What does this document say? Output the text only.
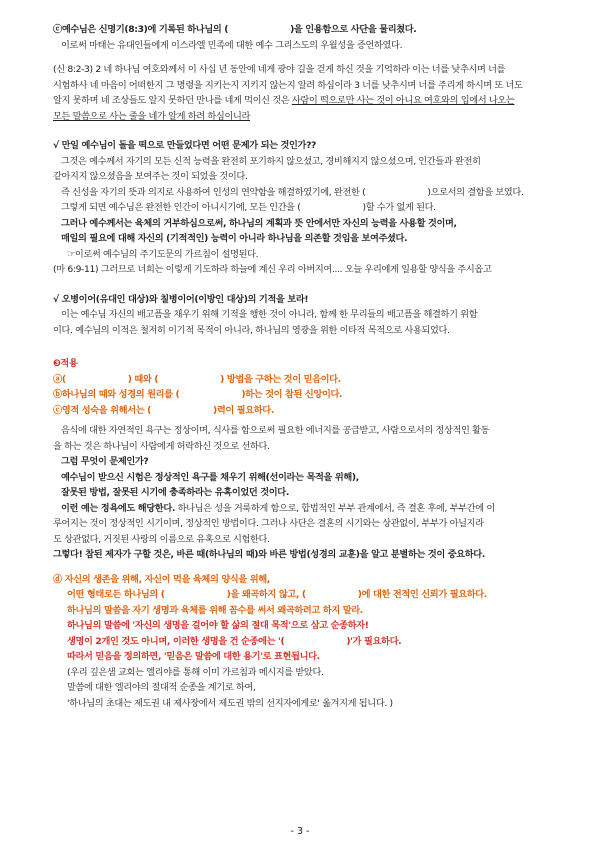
ⓒ예수님은 신명기(8:3)에 기록된 하나님의 (	)을 인용함으로 사단을 물리쳤다.
이로써 마태는 유대인들에게 이스라엘 민족에 대한 예수 그리스도의 우월성을 증언하였다.
(신 8:2-3) 2 네 하나님 여호와께서 이 사십 년 동안에 네게 광야 길을 걷게 하신 것을 기억하라 이는 너를 낮추시며 너를
시험하사 네 마음이 어떠한지 그 명령을 지키는지 지키지 않는지 알려 하심이라 3 너를 낮추시며 너를 주리게 하시며 또 너도
알지 못하며 네 조상들도 알지 못하던 만나를 네게 먹이신 것은 사람이 떡으로만 사는 것이 아니요 여호와의 입에서 나오는
모든 말씀으로 사는 줄을 네가 알게 하려 하심이니라
√ 만일 예수님이 돌을 떡으로 만들었다면 어떤 문제가 되는 것인가??
그것은 예수께서 자기의 모든 신적 능력을 완전히 포기하지 않으셨고, 경비해지지 않으셨으며, 인간들과 완전히
같아지지 않으셨음을 보여주는 것이 되었을 것이다.
즉 신성을 자기의 뜻과 의지로 사용하여 인성의 연약함을 해결하였기에, 완전한 (	)으로서의 결함을 보였다.
그렇게 되면 예수님은 완전한 인간이 아니시기에, 모든 인간을 (	)할 수가 없게 된다.
그러나 예수께서는 육체의 거부하심으로써, 하나님의 계획과 뜻 안에서만 자신의 능력을 사용할 것이며,
매일의 필요에 대해 자신의 (기적적인) 능력이 아니라 하나님을 의존할 것임을 보여주셨다.
☞이로써 예수님의 주기도문의 가르침이 설명된다.
(마 6:9-11) 그러므로 너희는 이렇게 기도하라 하늘에 계신 우리 아버지여.... 오늘 우리에게 일용할 양식을 주시옵고
√ 오병이어(유대인 대상)와 칠병이어(이방인 대상)의 기적을 보라!
이는 예수님 자신의 배고픔을 채우기 위해 기적을 행한 것이 아니라, 함께 한 무리들의 배고픔을 해결하기 위함
이다. 예수님의 이적은 철저히 이기적 목적이 아니라, 하나님의 영광을 위한 이타적 목적으로 사용되었다.
❸적용
ⓐ(	) 때와 (	) 방법을 구하는 것이 믿음이다.
ⓑ하나님의 때와 성경의 원리를 (	)하는 것이 참된 신앙이다.
ⓒ영적 성숙을 위해서는 (	)력이 필요하다.
음식에 대한 자연적인 욕구는 정상이며, 식사를 함으로써 필요한 에너지를 공급받고, 사람으로서의 정상적인 활동
을 하는 것은 하나님이 사람에게 허락하신 것으로 선하다.
그럼 무엇이 문제인가?
예수님이 받으신 시험은 정상적인 욕구를 채우기 위해(선이라는 목적을 위해),
잘못된 방법, 잘못된 시기에 충족하라는 유혹이었던 것이다.
이런 예는 정욕에도 해당한다. 하나님은 성을 거룩하게 함으로, 합법적인 부부 관계에서, 즉 결혼 후에, 부부간에 이
루어지는 것이 정상적인 시기이며, 정상적인 방법이다. 그러나 사단은 결혼의 시기와는 상관없이, 부부가 아닐지라
도 상관없다, 거짓된 사랑의 이름으로 유혹으로 시험한다.
그렇다! 참된 제자가 구할 것은, 바른 때(하나님의 때)와 바른 방법(성경의 교훈)을 알고 분별하는 것이 중요하다.
ⓓ 자신의 생존을 위해, 자신이 먹을 육체의 양식을 위해,
어떤 형태로든 하나님의 (	)을 왜곡하지 않고, (	)에 대한 전적인 신뢰가 필요하다.
하나님의 말씀을 자기 생명과 육체를 위해 꼼수를 써서 왜곡하려고 하지 말라.
하나님의 말씀에 '자신의 생명을 걸어야 할 삶의 절대 목적'으로 삼고 순종하자!
생명이 2개인 것도 아니며, 이러한 생명을 건 순종에는 '(	)'가 필요하다.
따라서 믿음을 정의하면, '믿음은 말씀에 대한 용기'로 표현됩니다.
(우리 깊은샘 교회는 엘리야를 통해 이미 가르침과 메시지를 받았다.
말씀에 대한 엘리야의 절대적 순종을 계기로 하여,
'하나님의 초대는 제도권 내 제사장에서 제도권 밖의 선지자에게로' 옮겨지게 됩니다. )
- 3 -
